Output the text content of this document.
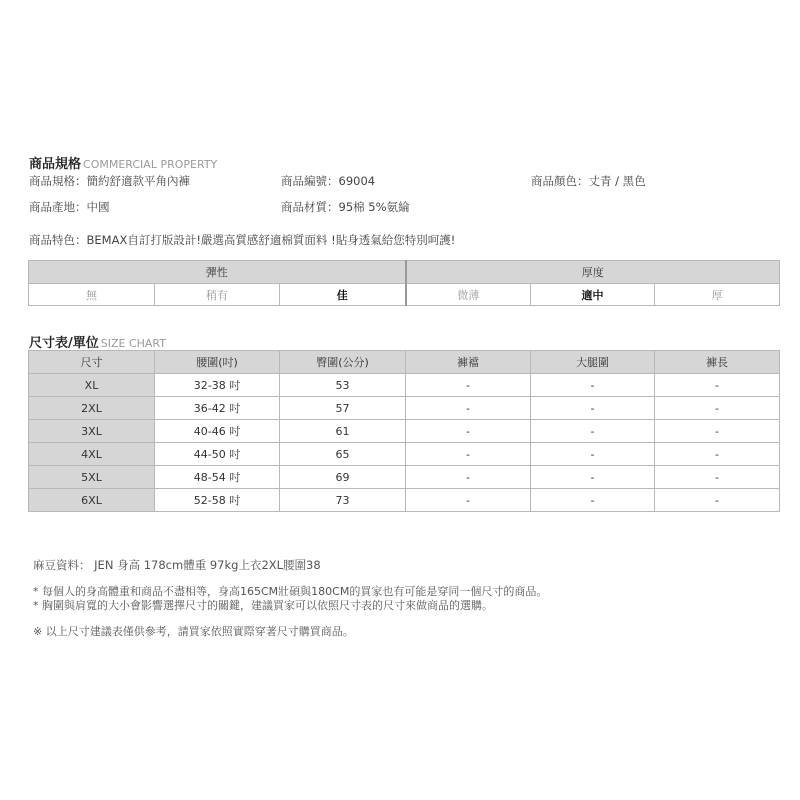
商品規格 COMMERCIAL PROPERTY
商品規格：簡約舒適款平角內褲	商品編號：69004	商品顏色：丈青 / 黑色
商品產地：中國	商品材質：95棉 5%氨綸
商品特色：BEMAX自訂打版設計!嚴選高質感舒適棉質面料 !貼身透氣給您特別呵護!
彈性			厚度		
無	稍有	佳	微薄	適中	厚
尺寸表/單位 SIZE CHART
尺寸	腰圍(吋)	臀圍(公分)	褲襠	大腿圍	褲長
XL	32-38 吋	53	-	-	-
2XL	36-42 吋	57	-	-	-
3XL	40-46 吋	61	-	-	-
4XL	44-50 吋	65	-	-	-
5XL	48-54 吋	69	-	-	-
6XL	52-58 吋	73	-	-	-
麻豆資料： JEN 身高 178cm體重 97kg上衣2XL腰圍38
* 每個人的身高體重和商品不盡相等，身高165CM壯碩與180CM的買家也有可能是穿同一個尺寸的商品。
* 胸圍與肩寬的大小會影響選擇尺寸的關鍵，建議買家可以依照尺寸表的尺寸來做商品的選購。
※ 以上尺寸建議表僅供參考，請買家依照實際穿著尺寸購買商品。
